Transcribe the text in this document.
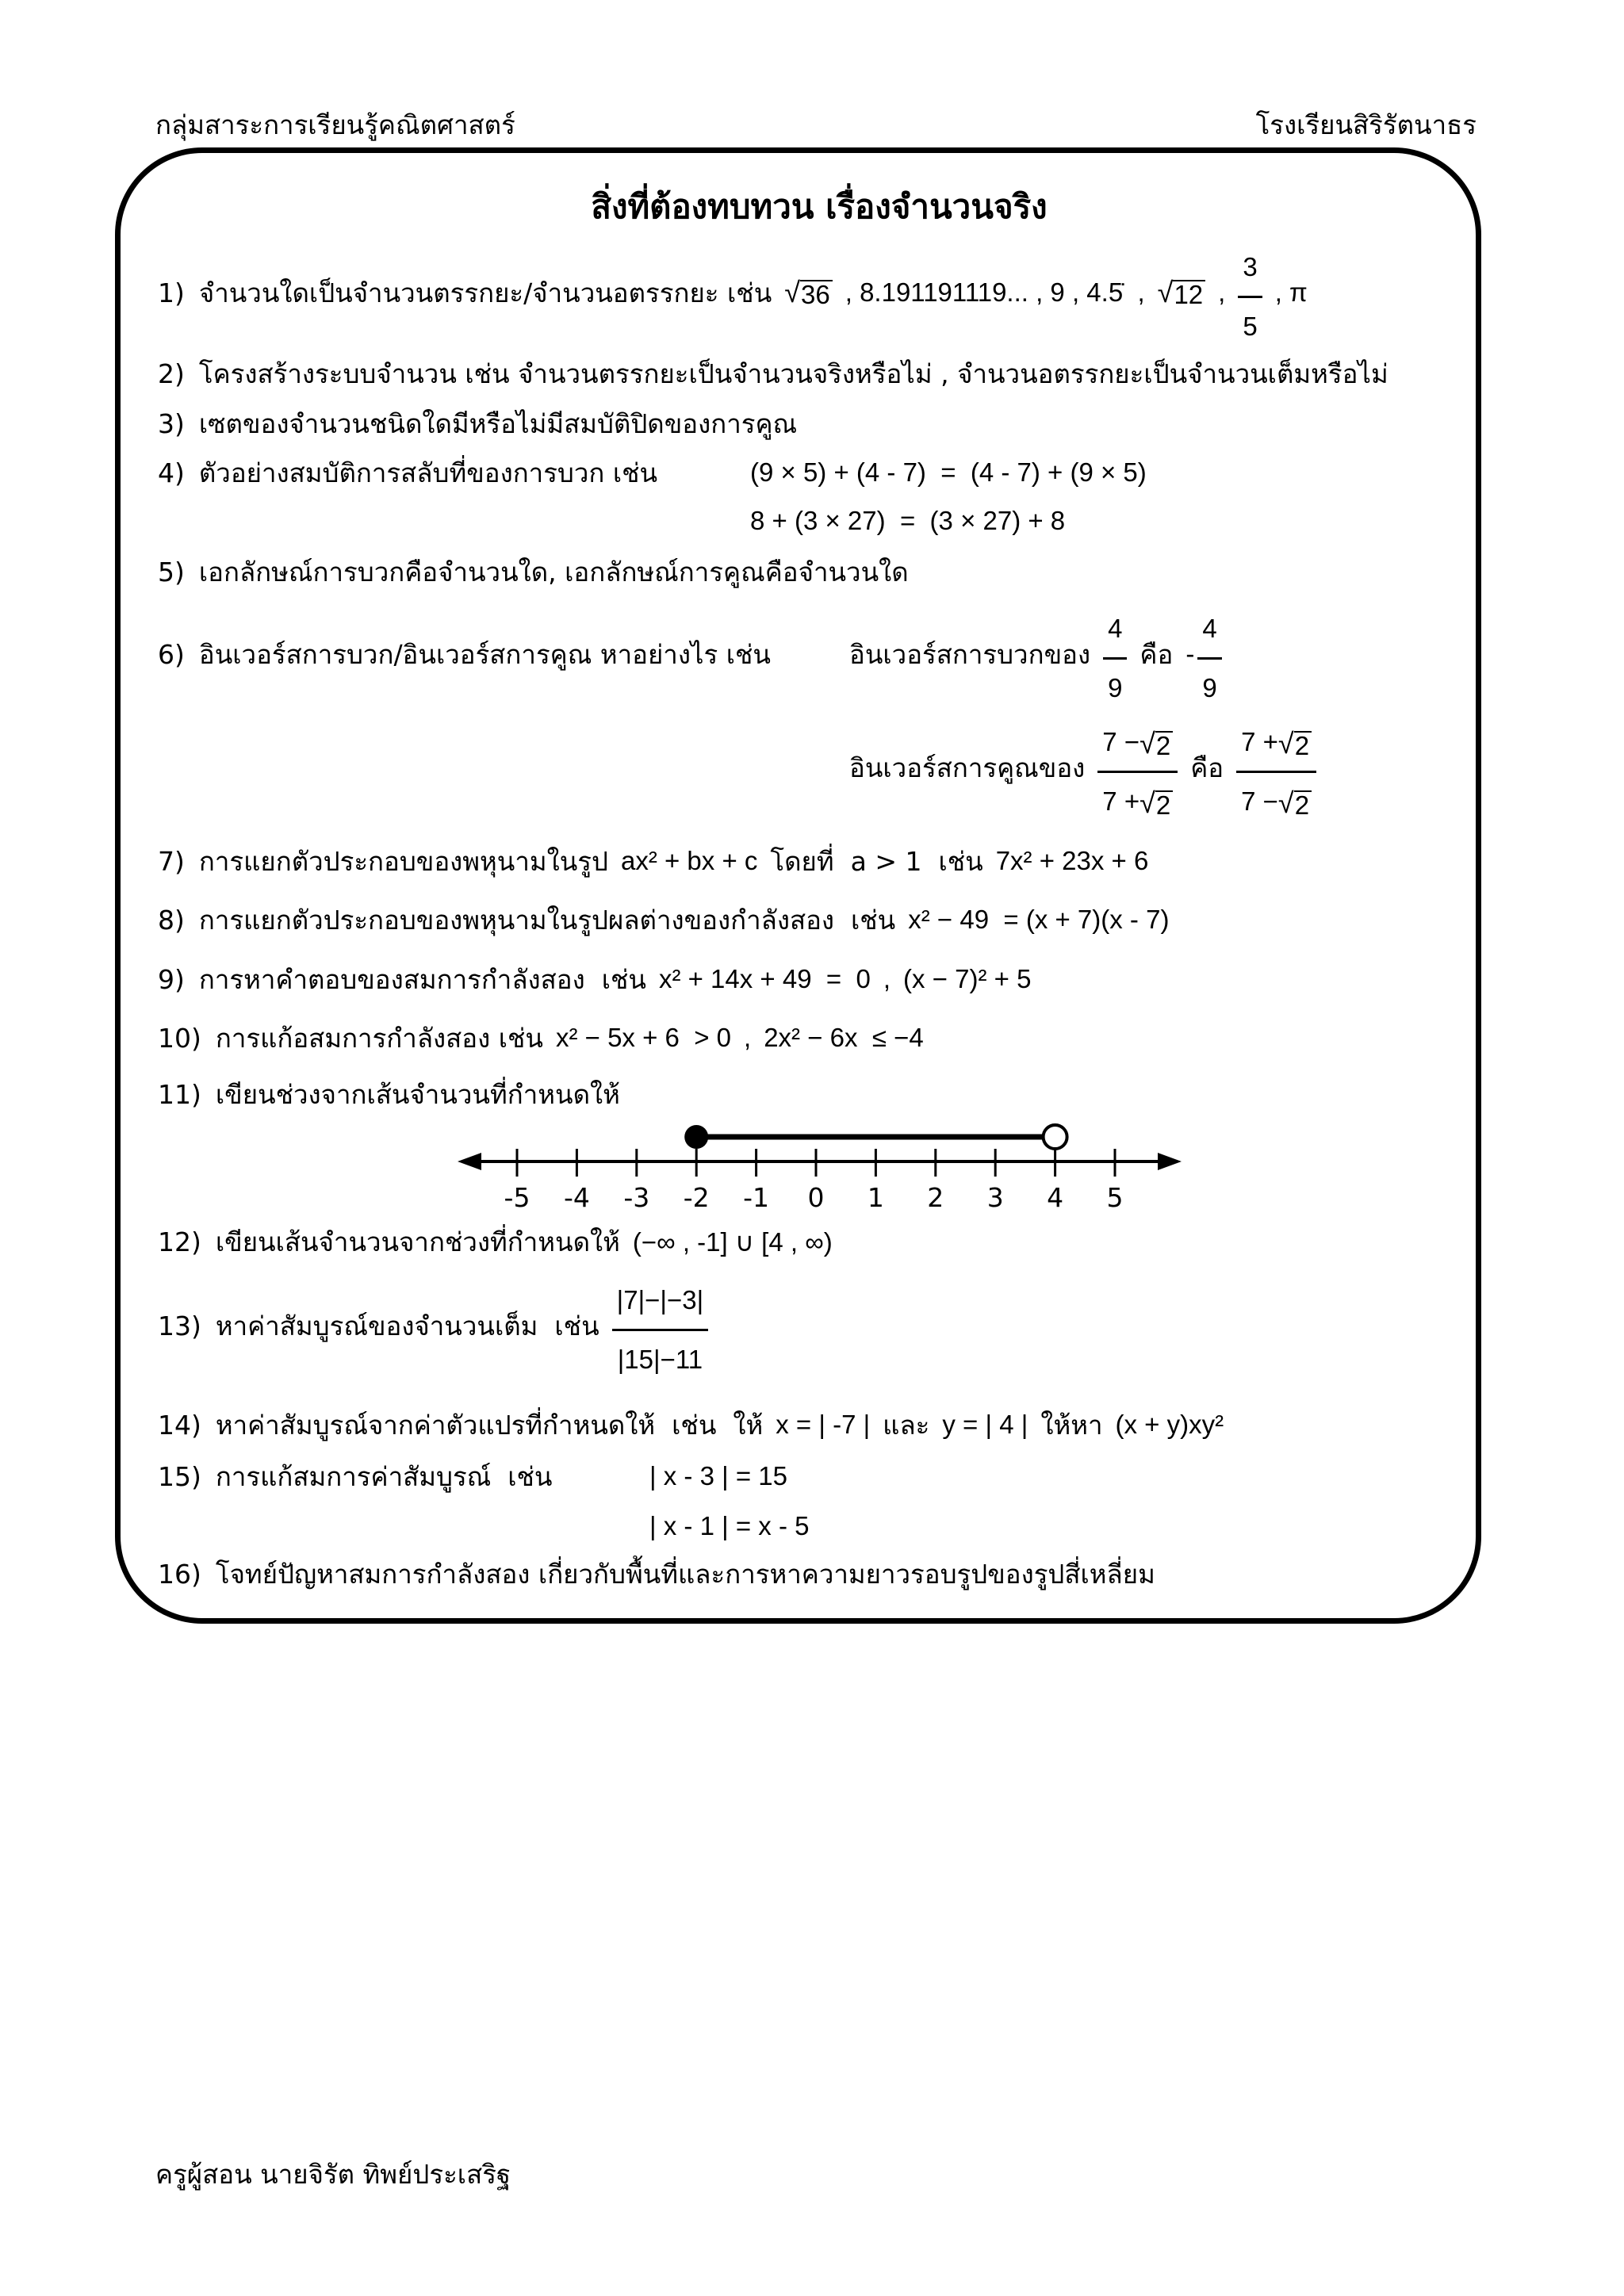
กลุ่มสาระการเรียนรู้คณิตศาสตร์	โรงเรียนสิริรัตนาธร
สิ่งที่ต้องทบทวน เรื่องจำนวนจริง
1) จำนวนใดเป็นจำนวนตรรกยะ/จำนวนอตรรกยะ เช่น √ 36 , 8.191191119... , 9 , 4.5̇  , √ 12 , $\frac{3}{5}$ , π
2) โครงสร้างระบบจำนวน เช่น จำนวนตรรกยะเป็นจำนวนจริงหรือไม่ , จำนวนอตรรกยะเป็นจำนวนเต็มหรือไม่
3) เซตของจำนวนชนิดใดมีหรือไม่มีสมบัติปิดของการคูณ
4) ตัวอย่างสมบัติการสลับที่ของการบวก เช่น	(9 × 5) + (4 - 7)  =  (4 - 7) + (9 × 5)
8 + (3 × 27)  =  (3 × 27) + 8
5) เอกลักษณ์การบวกคือจำนวนใด, เอกลักษณ์การคูณคือจำนวนใด
6) อินเวอร์สการบวก/อินเวอร์สการคูณ หาอย่างไร เช่น	อินเวอร์สการบวกของ $\frac{4}{9}$ คือ - $\frac{4}{9}$
อินเวอร์สการคูณของ $\frac{7 - √ 2}{7 + √ 2}$ คือ $\frac{7 + √ 2}{7 - √ 2}$
7) การแยกตัวประกอบของพหุนามในรูป ax² + bx + c โดยที่  a > 1  เช่น 7x² + 23x + 6
8) การแยกตัวประกอบของพหุนามในรูปผลต่างของกำลังสอง  เช่น x² − 49  = (x + 7)(x - 7)
9) การหาคำตอบของสมการกำลังสอง  เช่น x² + 14x + 49  =  0 , (x − 7)² + 5
10) การแก้อสมการกำลังสอง เช่น x² − 5x + 6  > 0 , 2x² − 6x  ≤ −4
11) เขียนช่วงจากเส้นจำนวนที่กำหนดให้
-5 -4 -3 -2 -1 0 1 2 3 4 5
12) เขียนเส้นจำนวนจากช่วงที่กำหนดให้ (−∞ , -1] ∪ [4 , ∞)
13) หาค่าสัมบูรณ์ของจำนวนเต็ม  เช่น $\frac{|7|-|-3|}{|15|-11}$
14) หาค่าสัมบูรณ์จากค่าตัวแปรที่กำหนดให้  เช่น  ให้ x = | -7 | และ y = | 4 | ให้หา (x + y)xy²
15) การแก้สมการค่าสัมบูรณ์  เช่น	| x - 3 | = 15
| x - 1 | = x - 5
16) โจทย์ปัญหาสมการกำลังสอง เกี่ยวกับพื้นที่และการหาความยาวรอบรูปของรูปสี่เหลี่ยม
ครูผู้สอน นายจิรัต ทิพย์ประเสริฐ
